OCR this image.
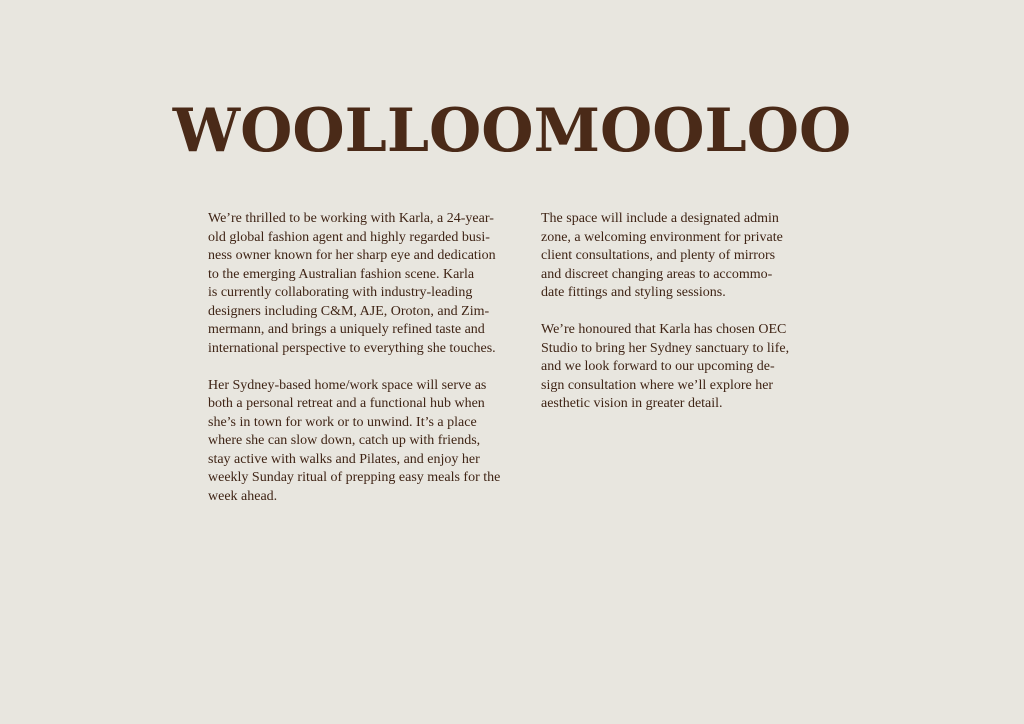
WOOLLOOMOOLOO

We’re thrilled to be working with Karla, a 24-year-
old global fashion agent and highly regarded busi-
ness owner known for her sharp eye and dedication
to the emerging Australian fashion scene. Karla
is currently collaborating with industry-leading
designers including C&M, AJE, Oroton, and Zim-
mermann, and brings a uniquely refined taste and
international perspective to everything she touches.

Her Sydney-based home/work space will serve as
both a personal retreat and a functional hub when
she’s in town for work or to unwind. It’s a place
where she can slow down, catch up with friends,
stay active with walks and Pilates, and enjoy her
weekly Sunday ritual of prepping easy meals for the
week ahead.

The space will include a designated admin
zone, a welcoming environment for private
client consultations, and plenty of mirrors
and discreet changing areas to accommo-
date fittings and styling sessions.

We’re honoured that Karla has chosen OEC
Studio to bring her Sydney sanctuary to life,
and we look forward to our upcoming de-
sign consultation where we’ll explore her
aesthetic vision in greater detail.
